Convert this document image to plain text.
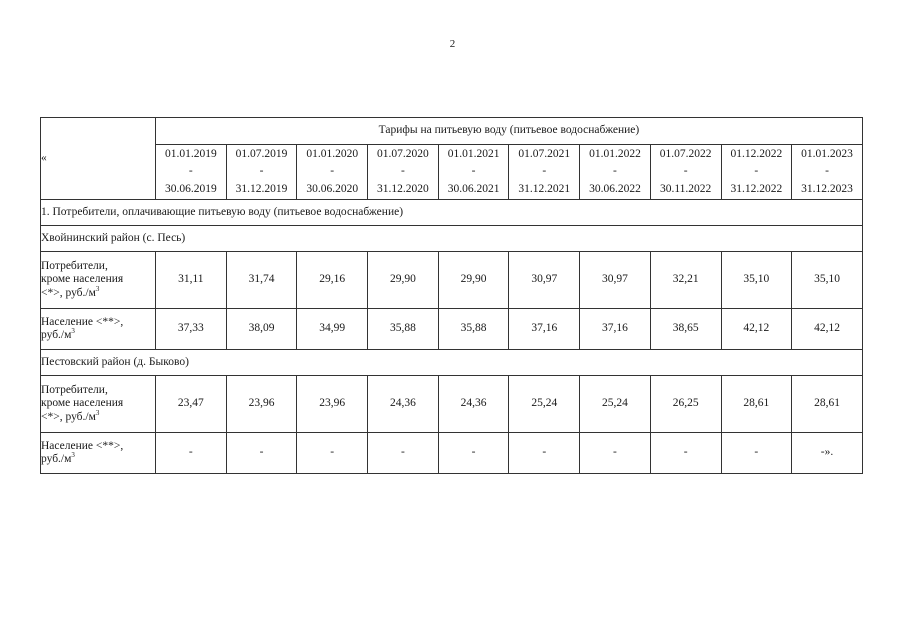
2
«	Тарифы на питьевую воду (питьевое водоснабжение)									

	01.01.2019
-
30.06.2019	01.07.2019
-
31.12.2019	01.01.2020
-
30.06.2020	01.07.2020
-
31.12.2020	01.01.2021
-
30.06.2021	01.07.2021
-
31.12.2021	01.01.2022
-
30.06.2022	01.07.2022
-
30.11.2022	01.12.2022
-
31.12.2022	01.01.2023
-
31.12.2023

1. Потребители, оплачивающие питьевую воду (питьевое водоснабжение)										
Хвойнинский район (с. Песь)										

Потребители,
кроме населения
<*>, $руб./м^3$	31,11	31,74	29,16	29,90	29,90	30,97	30,97	32,21	35,10	35,10

Население <**>,
$руб./м^3$	37,33	38,09	34,99	35,88	35,88	37,16	37,16	38,65	42,12	42,12
Пестовский район (д. Быково)										

Потребители,
кроме населения
<*>, $руб./м^3$	23,47	23,96	23,96	24,36	24,36	25,24	25,24	26,25	28,61	28,61

Население <**>,
$руб./м^3$	-	-	-	-	-	-	-	-	-	-».
